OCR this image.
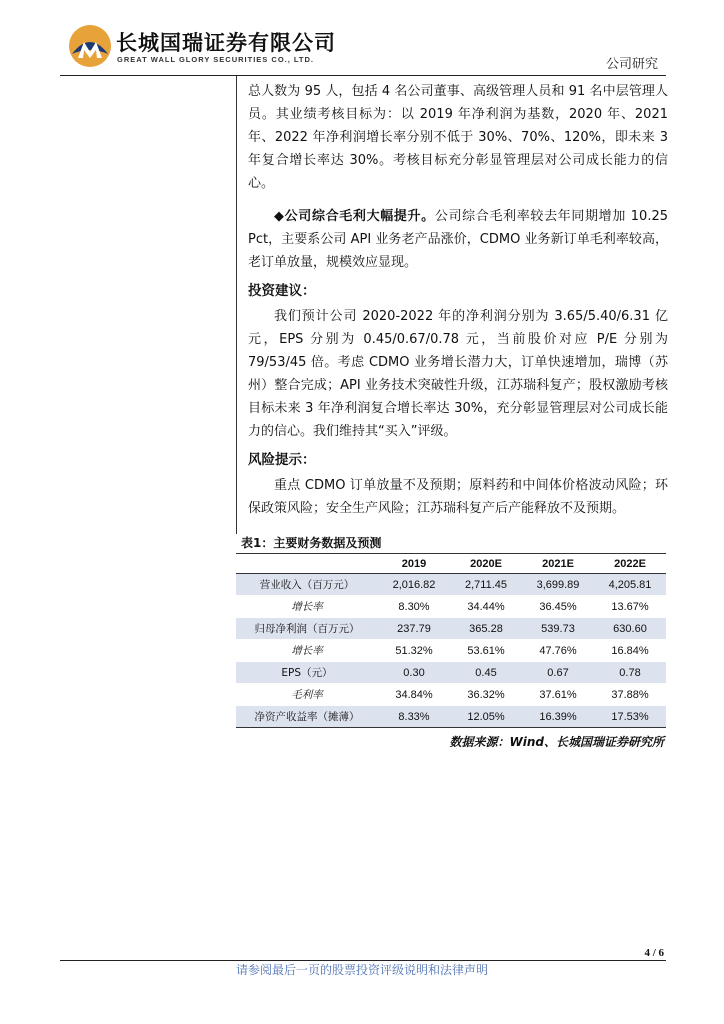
长城国瑞证券有限公司
GREAT WALL GLORY SECURITIES CO., LTD.	公司研究

总人数为 95 人，包括 4 名公司董事、高级管理人员和 91 名中层管理人员。其业绩考核目标为：以 2019 年净利润为基数，2020 年、2021 年、2022 年净利润增长率分别不低于 30%、70%、120%，即未来 3 年复合增长率达 30%。考核目标充分彰显管理层对公司成长能力的信心。

◆公司综合毛利大幅提升。公司综合毛利率较去年同期增加 10.25 Pct，主要系公司 API 业务老产品涨价，CDMO 业务新订单毛利率较高，老订单放量，规模效应显现。

投资建议：

我们预计公司 2020-2022 年的净利润分别为 3.65/5.40/6.31 亿元，EPS 分别为 0.45/0.67/0.78 元，当前股价对应 P/E 分别为 79/53/45 倍。考虑 CDMO 业务增长潜力大，订单快速增加，瑞博（苏州）整合完成；API 业务技术突破性升级，江苏瑞科复产；股权激励考核目标未来 3 年净利润复合增长率达 30%，充分彰显管理层对公司成长能力的信心。我们维持其“买入”评级。

风险提示：

重点 CDMO 订单放量不及预期；原料药和中间体价格波动风险；环保政策风险；安全生产风险；江苏瑞科复产后产能释放不及预期。

表1：主要财务数据及预测
	2019	2020E	2021E	2022E
营业收入（百万元）	2,016.82	2,711.45	3,699.89	4,205.81
增长率	8.30%	34.44%	36.45%	13.67%
归母净利润（百万元）	237.79	365.28	539.73	630.60
增长率	51.32%	53.61%	47.76%	16.84%
EPS（元）	0.30	0.45	0.67	0.78
毛利率	34.84%	36.32%	37.61%	37.88%
净资产收益率（摊薄）	8.33%	12.05%	16.39%	17.53%
数据来源：Wind、长城国瑞证券研究所
4 / 6
请参阅最后一页的股票投资评级说明和法律声明
